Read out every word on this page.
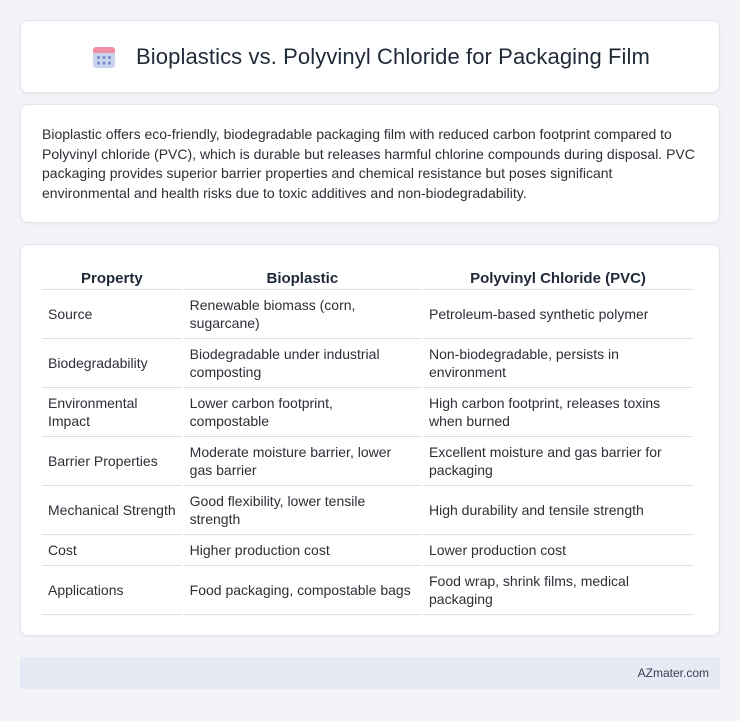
Bioplastics vs. Polyvinyl Chloride for Packaging Film

Bioplastic offers eco-friendly, biodegradable packaging film with reduced carbon footprint compared to Polyvinyl chloride (PVC), which is durable but releases harmful chlorine compounds during disposal. PVC packaging provides superior barrier properties and chemical resistance but poses significant environmental and health risks due to toxic additives and non-biodegradability.

Property	Bioplastic	Polyvinyl Chloride (PVC)
Source	Renewable biomass (corn, sugarcane)	Petroleum-based synthetic polymer
Biodegradability	Biodegradable under industrial composting	Non-biodegradable, persists in environment
Environmental Impact	Lower carbon footprint, compostable	High carbon footprint, releases toxins when burned
Barrier Properties	Moderate moisture barrier, lower gas barrier	Excellent moisture and gas barrier for packaging
Mechanical Strength	Good flexibility, lower tensile strength	High durability and tensile strength
Cost	Higher production cost	Lower production cost
Applications	Food packaging, compostable bags	Food wrap, shrink films, medical packaging
AZmater.com
